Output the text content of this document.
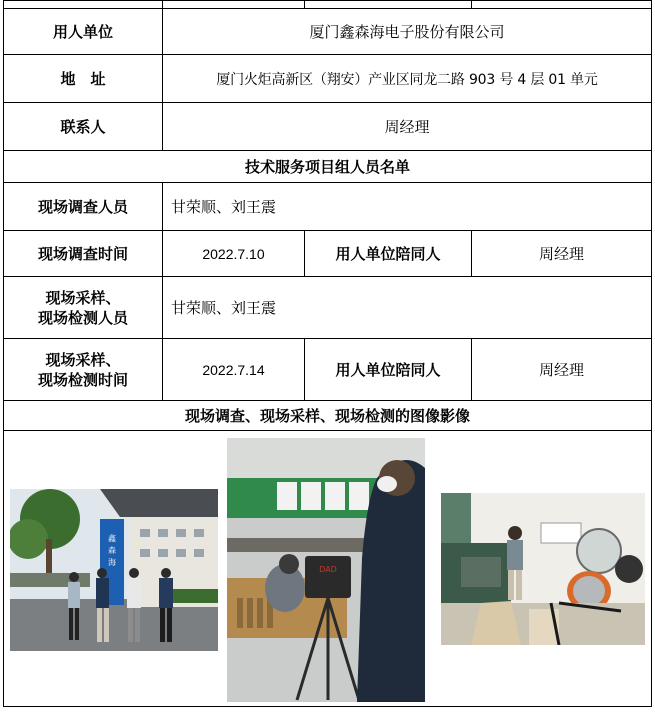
用人单位	厦门鑫森海电子股份有限公司		
地　址	厦门火炬高新区（翔安）产业区同龙二路 903 号 4 层 01 单元		
联系人	周经理		
技术服务项目组人员名单			
现场调查人员	甘荣顺、刘王震		
现场调查时间	2022.7.10	用人单位陪同人	周经理

现场采样、
现场检测人员	甘荣顺、刘王震		

现场采样、
现场检测时间	2022.7.14	用人单位陪同人	周经理
现场调查、现场采样、现场检测的图像影像			

鑫
森
海
DAD			
